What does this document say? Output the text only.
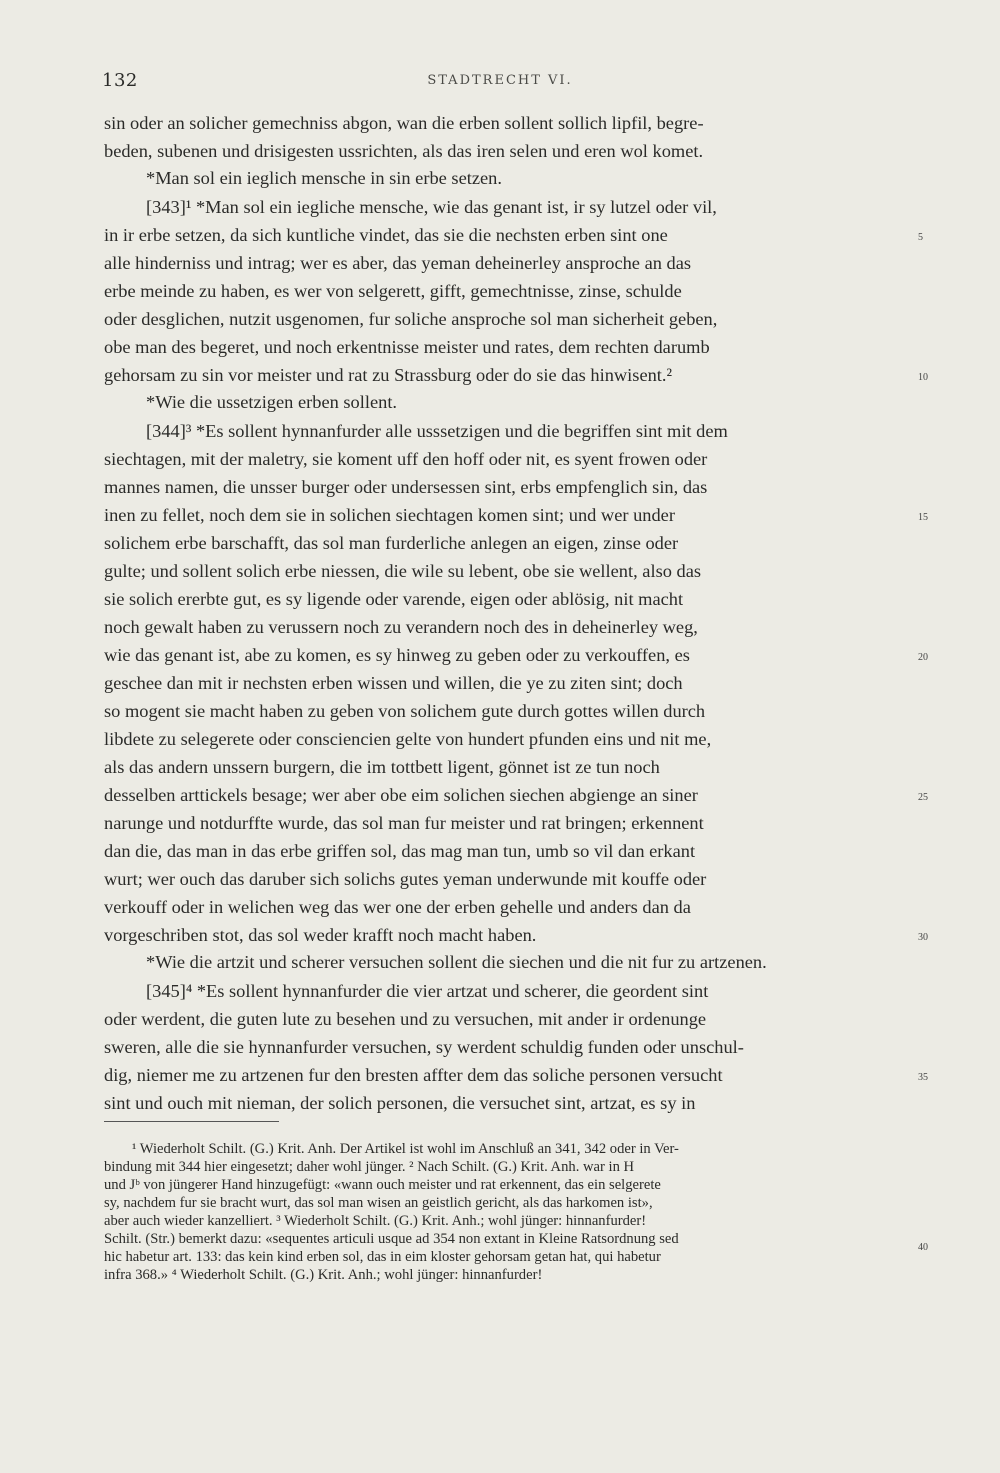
132	STADTRECHT VI.
sin oder an solicher gemechniss abgon, wan die erben sollent sollich lipfil, begre-
beden, subenen und drisigesten ussrichten, als das iren selen und eren wol komet.
*Man sol ein ieglich mensche in sin erbe setzen.
[343]¹ *Man sol ein iegliche mensche, wie das genant ist, ir sy lutzel oder vil,
in ir erbe setzen, da sich kuntliche vindet, das sie die nechsten erben sint one
alle hinderniss und intrag; wer es aber, das yeman deheinerley ansproche an das
erbe meinde zu haben, es wer von selgerett, gifft, gemechtnisse, zinse, schulde
oder desglichen, nutzit usgenomen, fur soliche ansproche sol man sicherheit geben,
obe man des begeret, und noch erkentnisse meister und rates, dem rechten darumb
gehorsam zu sin vor meister und rat zu Strassburg oder do sie das hinwisent.²
*Wie die ussetzigen erben sollent.
[344]³ *Es sollent hynnanfurder alle usssetzigen und die begriffen sint mit dem
siechtagen, mit der maletry, sie koment uff den hoff oder nit, es syent frowen oder
mannes namen, die unsser burger oder undersessen sint, erbs empfenglich sin, das
inen zu fellet, noch dem sie in solichen siechtagen komen sint; und wer under
solichem erbe barschafft, das sol man furderliche anlegen an eigen, zinse oder
gulte; und sollent solich erbe niessen, die wile su lebent, obe sie wellent, also das
sie solich ererbte gut, es sy ligende oder varende, eigen oder ablösig, nit macht
noch gewalt haben zu verussern noch zu verandern noch des in deheinerley weg,
wie das genant ist, abe zu komen, es sy hinweg zu geben oder zu verkouffen, es
geschee dan mit ir nechsten erben wissen und willen, die ye zu ziten sint; doch
so mogent sie macht haben zu geben von solichem gute durch gottes willen durch
libdete zu selegerete oder consciencien gelte von hundert pfunden eins und nit me,
als das andern unssern burgern, die im tottbett ligent, gönnet ist ze tun noch
desselben arttickels besage; wer aber obe eim solichen siechen abgienge an siner
narunge und notdurffte wurde, das sol man fur meister und rat bringen; erkennent
dan die, das man in das erbe griffen sol, das mag man tun, umb so vil dan erkant
wurt; wer ouch das daruber sich solichs gutes yeman underwunde mit kouffe oder
verkouff oder in welichen weg das wer one der erben gehelle und anders dan da
vorgeschriben stot, das sol weder krafft noch macht haben.
*Wie die artzit und scherer versuchen sollent die siechen und die nit fur zu artzenen.
[345]⁴ *Es sollent hynnanfurder die vier artzat und scherer, die geordent sint
oder werdent, die guten lute zu besehen und zu versuchen, mit ander ir ordenunge
sweren, alle die sie hynnanfurder versuchen, sy werdent schuldig funden oder unschul-
dig, niemer me zu artzenen fur den bresten affter dem das soliche personen versucht
sint und ouch mit nieman, der solich personen, die versuchet sint, artzat, es sy in
5
10
15
20
25
30
35
40
¹ Wiederholt Schilt. (G.) Krit. Anh. Der Artikel ist wohl im Anschluß an 341, 342 oder in Ver-
bindung mit 344 hier eingesetzt; daher wohl jünger. ² Nach Schilt. (G.) Krit. Anh. war in H
und Jᵇ von jüngerer Hand hinzugefügt: «wann ouch meister und rat erkennent, das ein selgerete
sy, nachdem fur sie bracht wurt, das sol man wisen an geistlich gericht, als das harkomen ist»,
aber auch wieder kanzelliert. ³ Wiederholt Schilt. (G.) Krit. Anh.; wohl jünger: hinnanfurder!
Schilt. (Str.) bemerkt dazu: «sequentes articuli usque ad 354 non extant in Kleine Ratsordnung sed
hic habetur art. 133: das kein kind erben sol, das in eim kloster gehorsam getan hat, qui habetur
infra 368.» ⁴ Wiederholt Schilt. (G.) Krit. Anh.; wohl jünger: hinnanfurder!
